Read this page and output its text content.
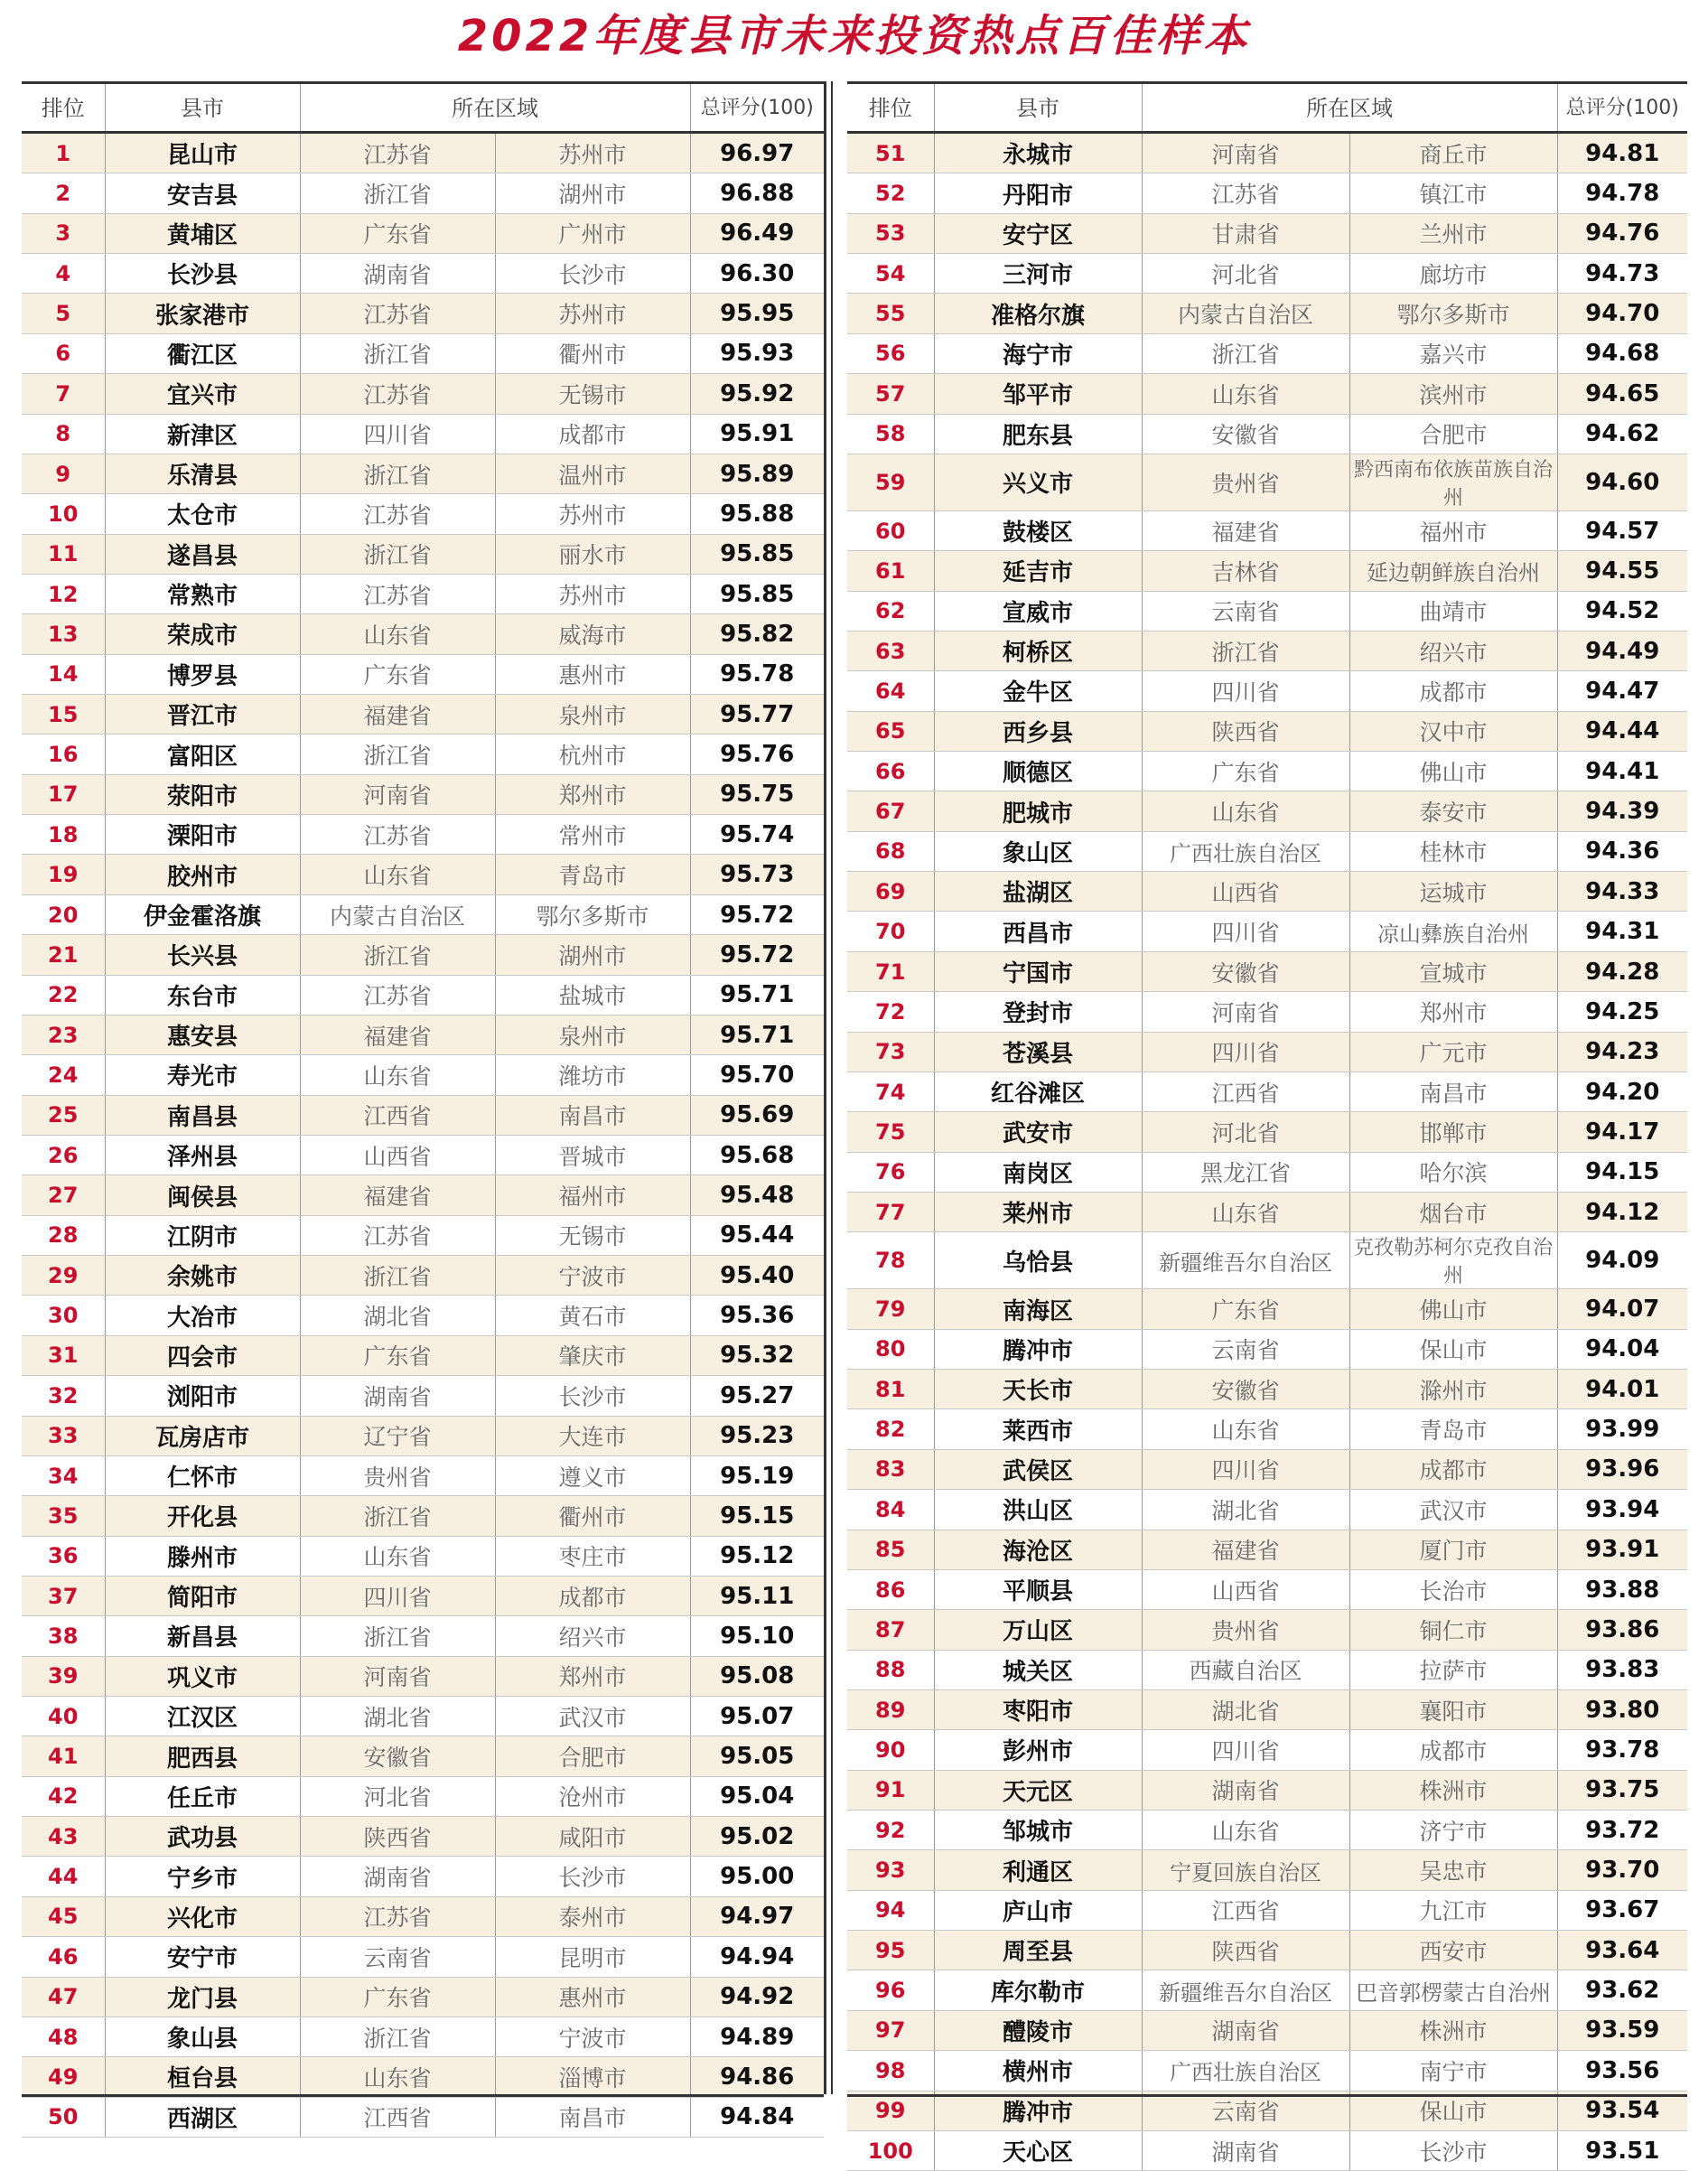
2022年度县市未来投资热点百佳样本
排位	县市	所在区域		总评分(100)
1	昆山市	江苏省	苏州市	96.97
2	安吉县	浙江省	湖州市	96.88
3	黄埔区	广东省	广州市	96.49
4	长沙县	湖南省	长沙市	96.30
5	张家港市	江苏省	苏州市	95.95
6	衢江区	浙江省	衢州市	95.93
7	宜兴市	江苏省	无锡市	95.92
8	新津区	四川省	成都市	95.91
9	乐清县	浙江省	温州市	95.89
10	太仓市	江苏省	苏州市	95.88
11	遂昌县	浙江省	丽水市	95.85
12	常熟市	江苏省	苏州市	95.85
13	荣成市	山东省	威海市	95.82
14	博罗县	广东省	惠州市	95.78
15	晋江市	福建省	泉州市	95.77
16	富阳区	浙江省	杭州市	95.76
17	荥阳市	河南省	郑州市	95.75
18	溧阳市	江苏省	常州市	95.74
19	胶州市	山东省	青岛市	95.73
20	伊金霍洛旗	内蒙古自治区	鄂尔多斯市	95.72
21	长兴县	浙江省	湖州市	95.72
22	东台市	江苏省	盐城市	95.71
23	惠安县	福建省	泉州市	95.71
24	寿光市	山东省	潍坊市	95.70
25	南昌县	江西省	南昌市	95.69
26	泽州县	山西省	晋城市	95.68
27	闽侯县	福建省	福州市	95.48
28	江阴市	江苏省	无锡市	95.44
29	余姚市	浙江省	宁波市	95.40
30	大冶市	湖北省	黄石市	95.36
31	四会市	广东省	肇庆市	95.32
32	浏阳市	湖南省	长沙市	95.27
33	瓦房店市	辽宁省	大连市	95.23
34	仁怀市	贵州省	遵义市	95.19
35	开化县	浙江省	衢州市	95.15
36	滕州市	山东省	枣庄市	95.12
37	简阳市	四川省	成都市	95.11
38	新昌县	浙江省	绍兴市	95.10
39	巩义市	河南省	郑州市	95.08
40	江汉区	湖北省	武汉市	95.07
41	肥西县	安徽省	合肥市	95.05
42	任丘市	河北省	沧州市	95.04
43	武功县	陕西省	咸阳市	95.02
44	宁乡市	湖南省	长沙市	95.00
45	兴化市	江苏省	泰州市	94.97
46	安宁市	云南省	昆明市	94.94
47	龙门县	广东省	惠州市	94.92
48	象山县	浙江省	宁波市	94.89
49	桓台县	山东省	淄博市	94.86
50	西湖区	江西省	南昌市	94.84
排位	县市	所在区域		总评分(100)
51	永城市	河南省	商丘市	94.81
52	丹阳市	江苏省	镇江市	94.78
53	安宁区	甘肃省	兰州市	94.76
54	三河市	河北省	廊坊市	94.73
55	准格尔旗	内蒙古自治区	鄂尔多斯市	94.70
56	海宁市	浙江省	嘉兴市	94.68
57	邹平市	山东省	滨州市	94.65
58	肥东县	安徽省	合肥市	94.62
59	兴义市	贵州省	黔西南布依族苗族自治州	94.60
60	鼓楼区	福建省	福州市	94.57
61	延吉市	吉林省	延边朝鲜族自治州	94.55
62	宣威市	云南省	曲靖市	94.52
63	柯桥区	浙江省	绍兴市	94.49
64	金牛区	四川省	成都市	94.47
65	西乡县	陕西省	汉中市	94.44
66	顺德区	广东省	佛山市	94.41
67	肥城市	山东省	泰安市	94.39
68	象山区	广西壮族自治区	桂林市	94.36
69	盐湖区	山西省	运城市	94.33
70	西昌市	四川省	凉山彝族自治州	94.31
71	宁国市	安徽省	宣城市	94.28
72	登封市	河南省	郑州市	94.25
73	苍溪县	四川省	广元市	94.23
74	红谷滩区	江西省	南昌市	94.20
75	武安市	河北省	邯郸市	94.17
76	南岗区	黑龙江省	哈尔滨	94.15
77	莱州市	山东省	烟台市	94.12
78	乌恰县	新疆维吾尔自治区	克孜勒苏柯尔克孜自治州	94.09
79	南海区	广东省	佛山市	94.07
80	腾冲市	云南省	保山市	94.04
81	天长市	安徽省	滁州市	94.01
82	莱西市	山东省	青岛市	93.99
83	武侯区	四川省	成都市	93.96
84	洪山区	湖北省	武汉市	93.94
85	海沧区	福建省	厦门市	93.91
86	平顺县	山西省	长治市	93.88
87	万山区	贵州省	铜仁市	93.86
88	城关区	西藏自治区	拉萨市	93.83
89	枣阳市	湖北省	襄阳市	93.80
90	彭州市	四川省	成都市	93.78
91	天元区	湖南省	株洲市	93.75
92	邹城市	山东省	济宁市	93.72
93	利通区	宁夏回族自治区	吴忠市	93.70
94	庐山市	江西省	九江市	93.67
95	周至县	陕西省	西安市	93.64
96	库尔勒市	新疆维吾尔自治区	巴音郭楞蒙古自治州	93.62
97	醴陵市	湖南省	株洲市	93.59
98	横州市	广西壮族自治区	南宁市	93.56
99	腾冲市	云南省	保山市	93.54
100	天心区	湖南省	长沙市	93.51
